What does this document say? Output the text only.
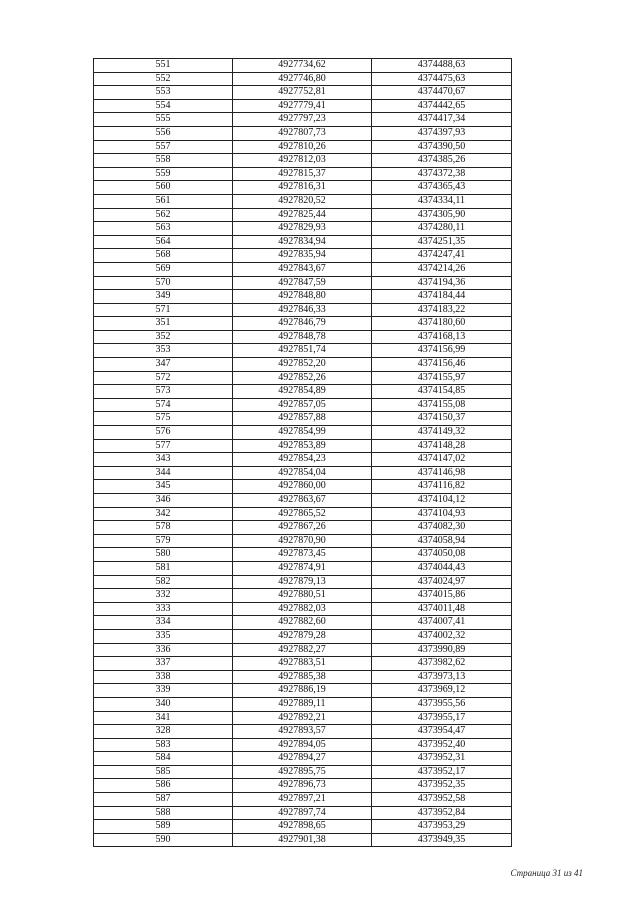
551	4927734,62	4374488,63
552	4927746,80	4374475,63
553	4927752,81	4374470,67
554	4927779,41	4374442,65
555	4927797,23	4374417,34
556	4927807,73	4374397,93
557	4927810,26	4374390,50
558	4927812,03	4374385,26
559	4927815,37	4374372,38
560	4927816,31	4374365,43
561	4927820,52	4374334,11
562	4927825,44	4374305,90
563	4927829,93	4374280,11
564	4927834,94	4374251,35
568	4927835,94	4374247,41
569	4927843,67	4374214,26
570	4927847,59	4374194,36
349	4927848,80	4374184,44
571	4927846,33	4374183,22
351	4927846,79	4374180,60
352	4927848,78	4374168,13
353	4927851,74	4374156,99
347	4927852,20	4374156,46
572	4927852,26	4374155,97
573	4927854,89	4374154,85
574	4927857,05	4374155,08
575	4927857,88	4374150,37
576	4927854,99	4374149,32
577	4927853,89	4374148,28
343	4927854,23	4374147,02
344	4927854,04	4374146,98
345	4927860,00	4374116,82
346	4927863,67	4374104,12
342	4927865,52	4374104,93
578	4927867,26	4374082,30
579	4927870,90	4374058,94
580	4927873,45	4374050,08
581	4927874,91	4374044,43
582	4927879,13	4374024,97
332	4927880,51	4374015,86
333	4927882,03	4374011,48
334	4927882,60	4374007,41
335	4927879,28	4374002,32
336	4927882,27	4373990,89
337	4927883,51	4373982,62
338	4927885,38	4373973,13
339	4927886,19	4373969,12
340	4927889,11	4373955,56
341	4927892,21	4373955,17
328	4927893,57	4373954,47
583	4927894,05	4373952,40
584	4927894,27	4373952,31
585	4927895,75	4373952,17
586	4927896,73	4373952,35
587	4927897,21	4373952,58
588	4927897,74	4373952,84
589	4927898,65	4373953,29
590	4927901,38	4373949,35
Страница 31 из 41
